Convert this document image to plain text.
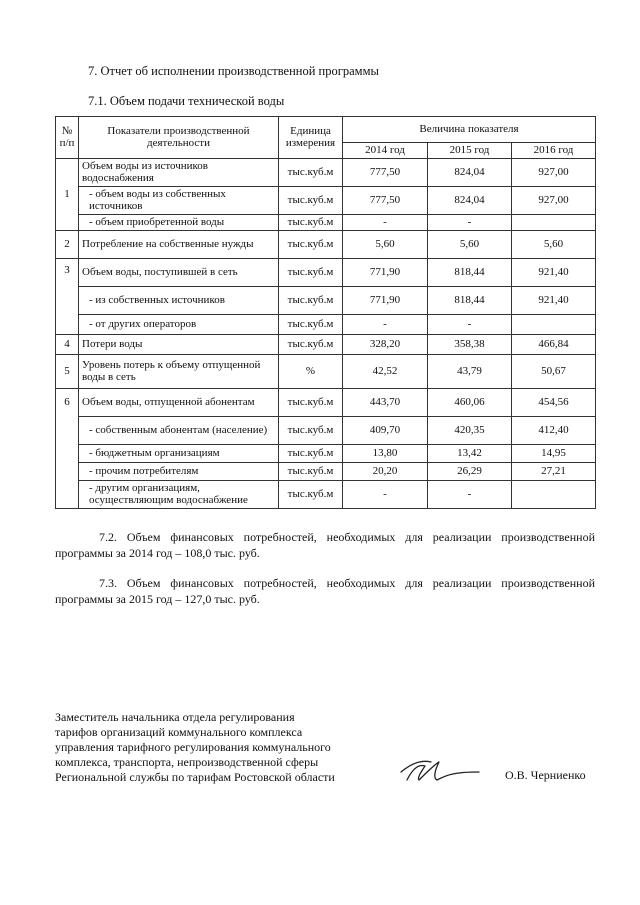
7. Отчет об исполнении производственной программы
7.1. Объем подачи технической воды
№ п/п	Показатели производственной деятельности	Единица измерения	Величина показателя		
			2014 год	2015 год	2016 год
1	Объем воды из источников водоснабжения	тыс.куб.м	777,50	824,04	927,00
	- объем воды из собственных источников	тыс.куб.м	777,50	824,04	927,00
	- объем приобретенной воды	тыс.куб.м	-	-	
2	Потребление на собственные нужды	тыс.куб.м	5,60	5,60	5,60
3	Объем воды, поступившей в сеть	тыс.куб.м	771,90	818,44	921,40
	- из собственных источников	тыс.куб.м	771,90	818,44	921,40
	- от других операторов	тыс.куб.м	-	-	
4	Потери воды	тыс.куб.м	328,20	358,38	466,84
5	Уровень потерь к объему отпущенной воды в сеть	%	42,52	43,79	50,67
6	Объем воды, отпущенной абонентам	тыс.куб.м	443,70	460,06	454,56
	- собственным абонентам (население)	тыс.куб.м	409,70	420,35	412,40
	- бюджетным организациям	тыс.куб.м	13,80	13,42	14,95
	- прочим потребителям	тыс.куб.м	20,20	26,29	27,21
	- другим организациям, осуществляющим водоснабжение	тыс.куб.м	-	-	
7.2. Объем финансовых потребностей, необходимых для реализации производственной программы за 2014 год – 108,0 тыс. руб.
7.3. Объем финансовых потребностей, необходимых для реализации производственной программы за 2015 год – 127,0 тыс. руб.
Заместитель начальника отдела регулирования
тарифов организаций коммунального комплекса
управления тарифного регулирования коммунального
комплекса, транспорта, непроизводственной сферы
Региональной службы по тарифам Ростовской области	О.В. Черниенко
